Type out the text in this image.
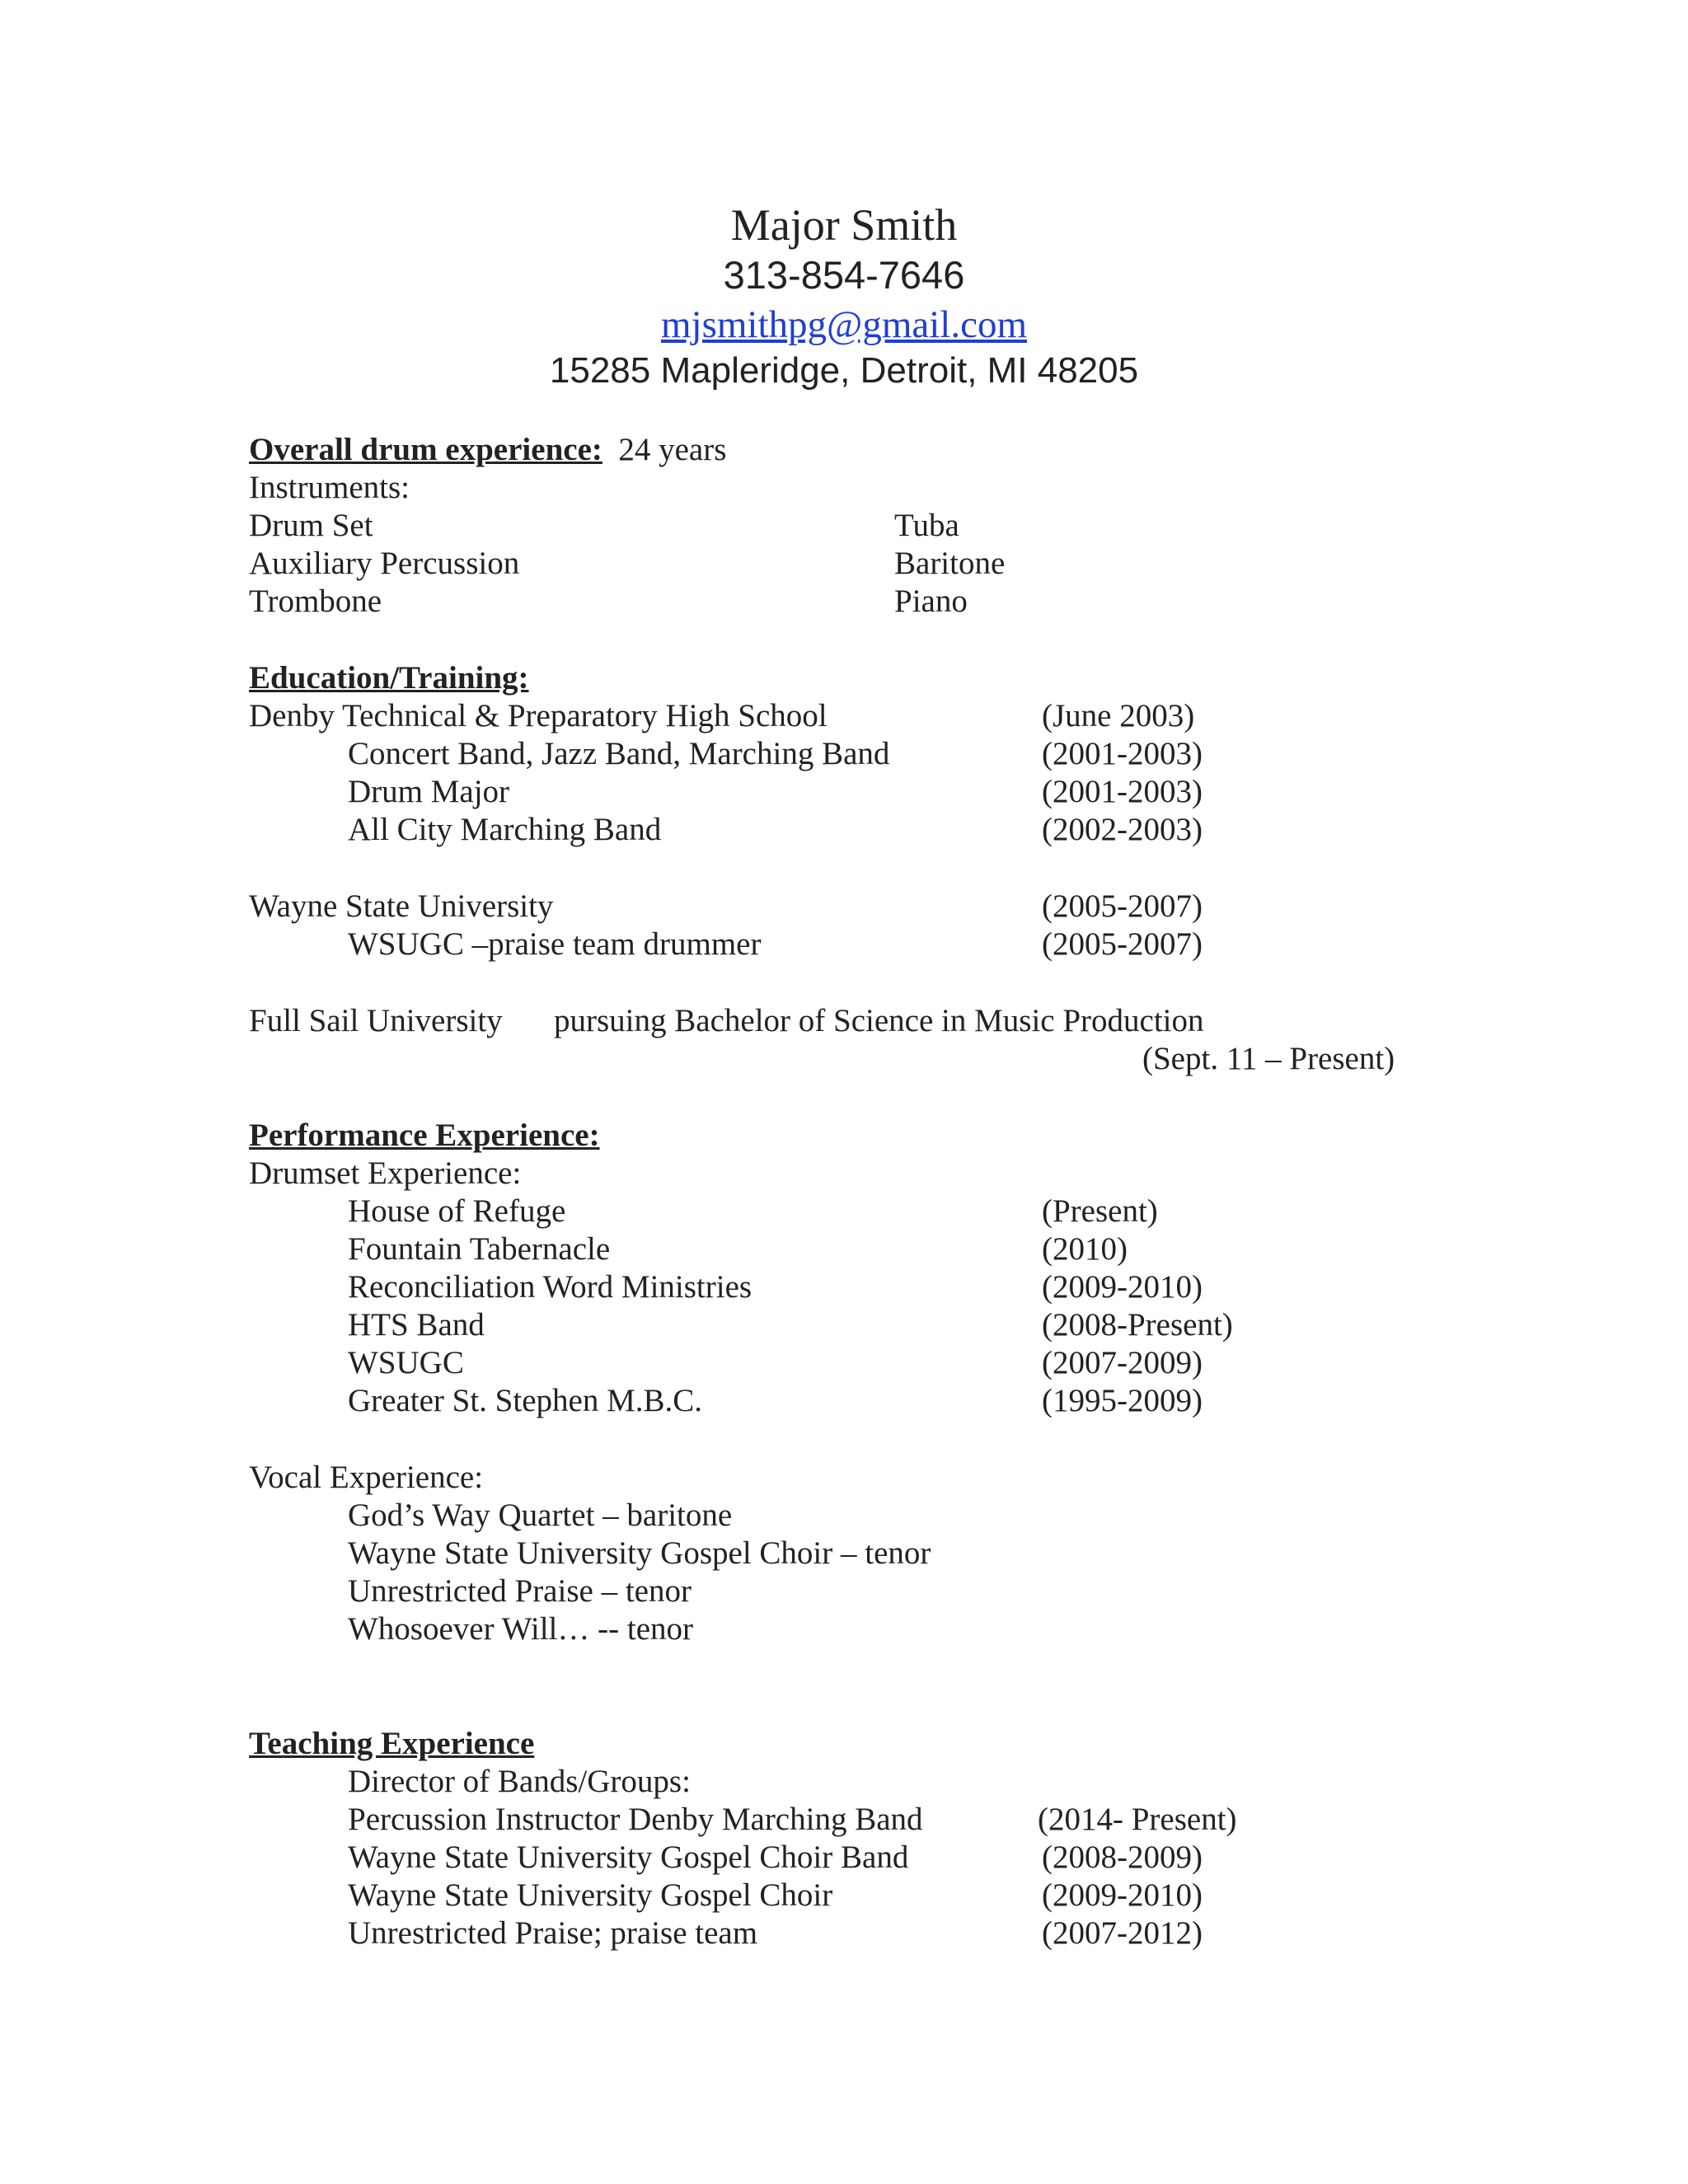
Major Smith
313-854-7646
mjsmithpg@gmail.com
15285 Mapleridge, Detroit, MI 48205
Overall drum experience: 24 years
Instruments:
Drum Set	Tuba
Auxiliary Percussion	Baritone
Trombone	Piano
Education/Training:
Denby Technical & Preparatory High School	(June 2003)
Concert Band, Jazz Band, Marching Band	(2001-2003)
Drum Major	(2001-2003)
All City Marching Band	(2002-2003)
Wayne State University	(2005-2007)
WSUGC –praise team drummer	(2005-2007)
Full Sail University pursuing Bachelor of Science in Music Production
(Sept. 11 – Present)
Performance Experience:
Drumset Experience:
House of Refuge	(Present)
Fountain Tabernacle	(2010)
Reconciliation Word Ministries	(2009-2010)
HTS Band	(2008-Present)
WSUGC	(2007-2009)
Greater St. Stephen M.B.C.	(1995-2009)
Vocal Experience:
God’s Way Quartet – baritone
Wayne State University Gospel Choir – tenor
Unrestricted Praise – tenor
Whosoever Will… -- tenor
Teaching Experience
Director of Bands/Groups:
Percussion Instructor Denby Marching Band	(2014- Present)
Wayne State University Gospel Choir Band	(2008-2009)
Wayne State University Gospel Choir	(2009-2010)
Unrestricted Praise; praise team	(2007-2012)
